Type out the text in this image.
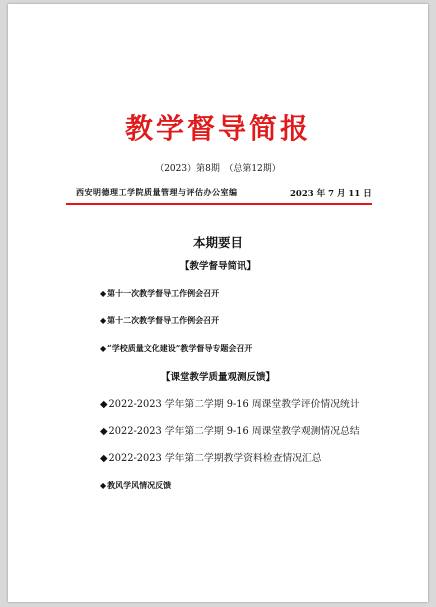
教学督导简报
（2023）第8期　（总第12期）
西安明德理工学院质量管理与评估办公室编	2023 年 7 月 11 日
本期要目
【教学督导简讯】
◆第十一次教学督导工作例会召开
◆第十二次教学督导工作例会召开
◆“学校质量文化建设”教学督导专题会召开
【课堂教学质量观测反馈】
◆2022-2023 学年第二学期 9-16 周课堂教学评价情况统计
◆2022-2023 学年第二学期 9-16 周课堂教学观测情况总结
◆2022-2023 学年第二学期教学资料检查情况汇总
◆教风学风情况反馈
